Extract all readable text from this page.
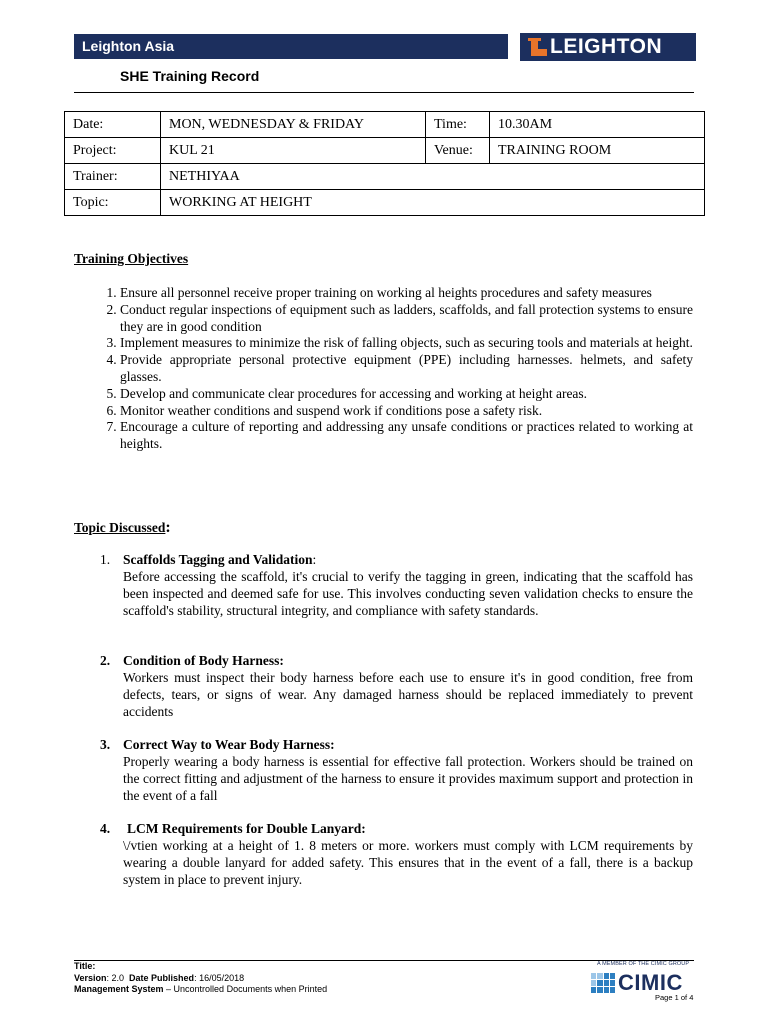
Leighton Asia	LEIGHTON
SHE Training Record
Date:	MON, WEDNESDAY & FRIDAY	Time:	10.30AM
Project:	KUL 21	Venue:	TRAINING ROOM
Trainer:	NETHIYAA		
Topic:	WORKING AT HEIGHT		
Training Objectives
1. Ensure all personnel receive proper training on working al heights procedures and safety measures
2. Conduct regular inspections of equipment such as ladders, scaffolds, and fall protection systems to ensure they are in good condition
3. Implement measures to minimize the risk of falling objects, such as securing tools and materials at height.
4. Provide appropriate personal protective equipment (PPE) including harnesses. helmets, and safety glasses.
5. Develop and communicate clear procedures for accessing and working at height areas.
6. Monitor weather conditions and suspend work if conditions pose a safety risk.
7. Encourage a culture of reporting and addressing any unsafe conditions or practices related to working at heights.
Topic Discussed:
1. Scaffolds Tagging and Validation:
Before accessing the scaffold, it's crucial to verify the tagging in green, indicating that the scaffold has been inspected and deemed safe for use. This involves conducting seven validation checks to ensure the scaffold's stability, structural integrity, and compliance with safety standards.
2. Condition of Body Harness:
Workers must inspect their body harness before each use to ensure it's in good condition, free from defects, tears, or signs of wear. Any damaged harness should be replaced immediately to prevent accidents
3. Correct Way to Wear Body Harness:
Properly wearing a body harness is essential for effective fall protection. Workers should be trained on the correct fitting and adjustment of the harness to ensure it provides maximum support and protection in the event of a fall
4. LCM Requirements for Double Lanyard:
\/vtien working at a height of 1. 8 meters or more. workers must comply with LCM requirements by wearing a double lanyard for added safety. This ensures that in the event of a fall, there is a backup system in place to prevent injury.
Title:
Version: 2.0 Date Published: 16/05/2018
Management System – Uncontrolled Documents when Printed
A MEMBER OF THE CIMIC GROUP
CIMIC
Page 1 of 4
